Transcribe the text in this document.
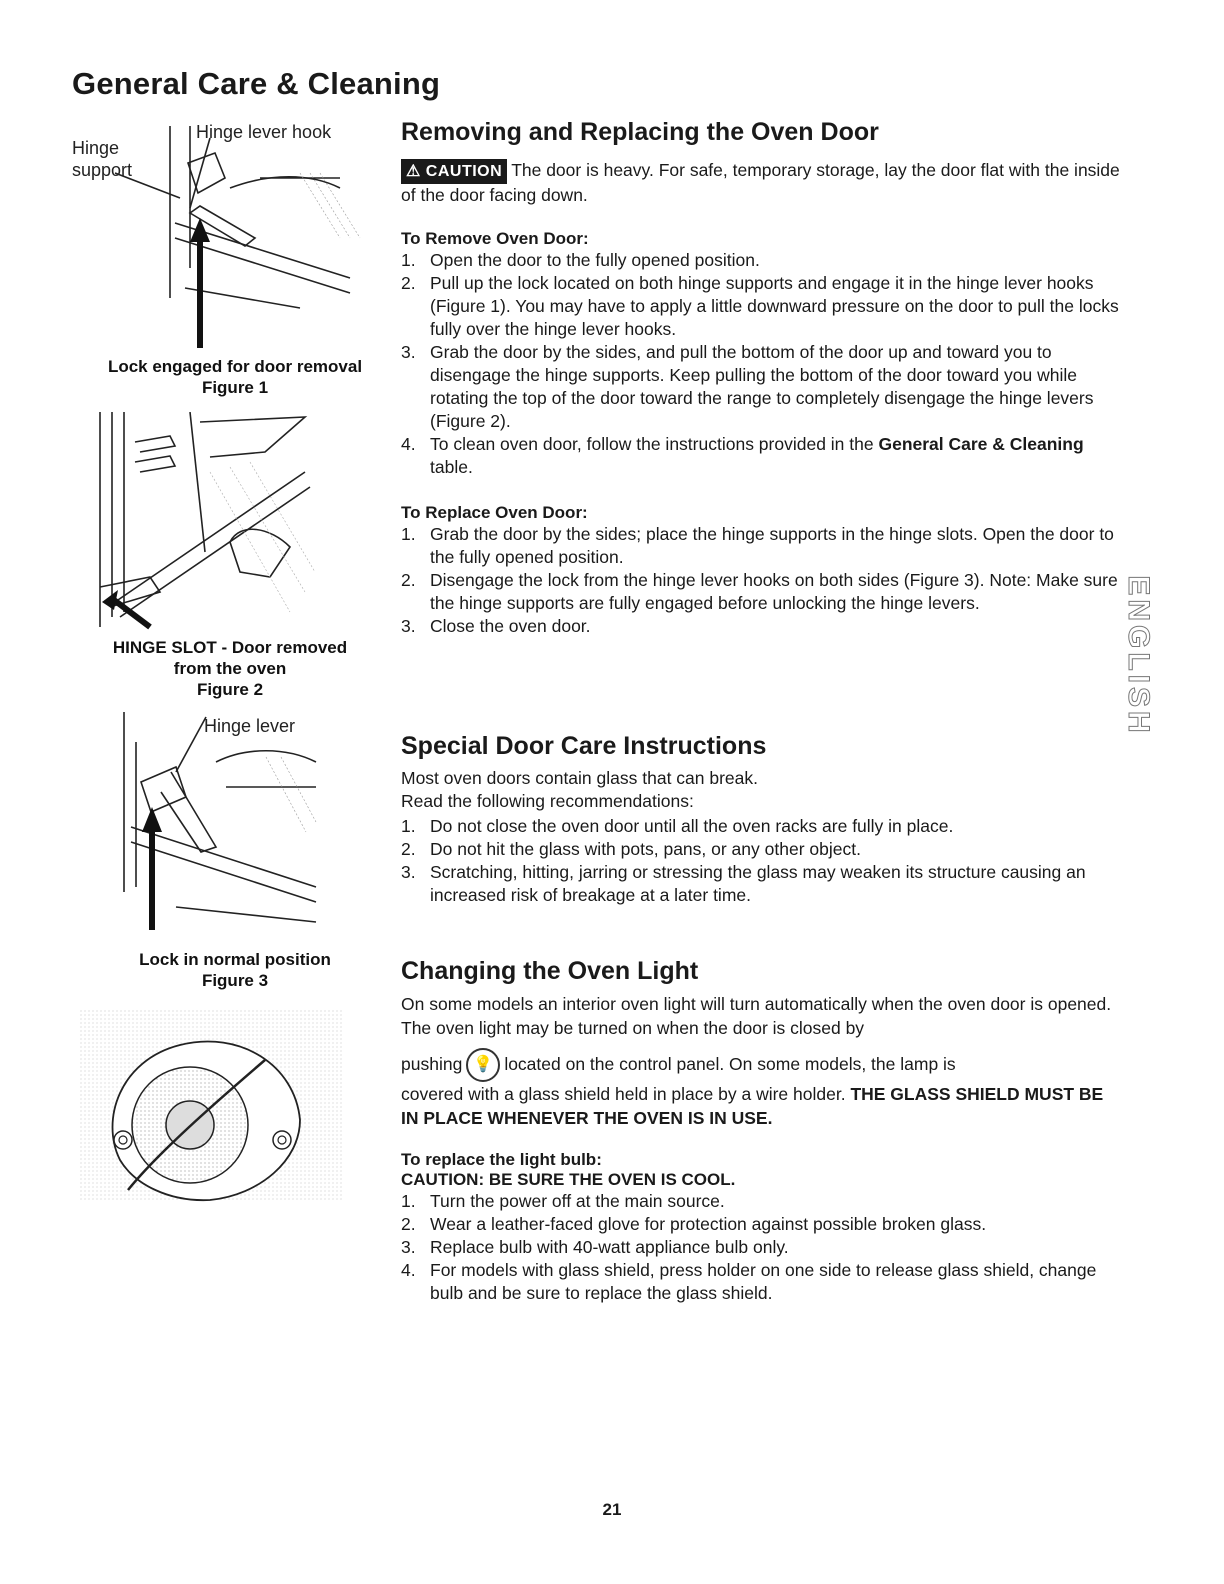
General Care & Cleaning
Hinge
support
Hinge lever hook
Lock engaged for door removal
Figure 1
HINGE SLOT - Door removed
from the oven
Figure 2
Hinge lever
Lock in normal position
Figure 3
Removing and Replacing the Oven Door

⚠ CAUTION The door is heavy. For safe, temporary storage, lay the door flat with the inside of the door facing down.

To Remove Oven Door:
1. Open the door to the fully opened position.
2. Pull up the lock located on both hinge supports and engage it in the hinge lever hooks (Figure 1). You may have to apply a little downward pressure on the door to pull the locks fully over the hinge lever hooks.
3. Grab the door by the sides, and pull the bottom of the door up and toward you to disengage the hinge supports. Keep pulling the bottom of the door toward you while rotating the top of the door toward the range to completely disengage the hinge levers (Figure 2).
4. To clean oven door, follow the instructions provided in the General Care & Cleaning table.
To Replace Oven Door:
1. Grab the door by the sides; place the hinge supports in the hinge slots. Open the door to the fully opened position.
2. Disengage the lock from the hinge lever hooks on both sides (Figure 3). Note: Make sure the hinge supports are fully engaged before unlocking the hinge levers.
3. Close the oven door.
Special Door Care Instructions

Most oven doors contain glass that can break.

Read the following recommendations:

1. Do not close the oven door until all the oven racks are fully in place.
2. Do not hit the glass with pots, pans, or any other object.
3. Scratching, hitting, jarring or stressing the glass may weaken its structure causing an increased risk of breakage at a later time.
Changing the Oven Light

On some models an interior oven light will turn automatically when the oven door is opened. The oven light may be turned on when the door is closed by

pushing 💡 located on the control panel. On some models, the lamp is

covered with a glass shield held in place by a wire holder. THE GLASS SHIELD MUST BE IN PLACE WHENEVER THE OVEN IS IN USE.

To replace the light bulb:
CAUTION: BE SURE THE OVEN IS COOL.
1. Turn the power off at the main source.
2. Wear a leather-faced glove for protection against possible broken glass.
3. Replace bulb with 40-watt appliance bulb only.
4. For models with glass shield, press holder on one side to release glass shield, change bulb and be sure to replace the glass shield.
ENGLISH
21
